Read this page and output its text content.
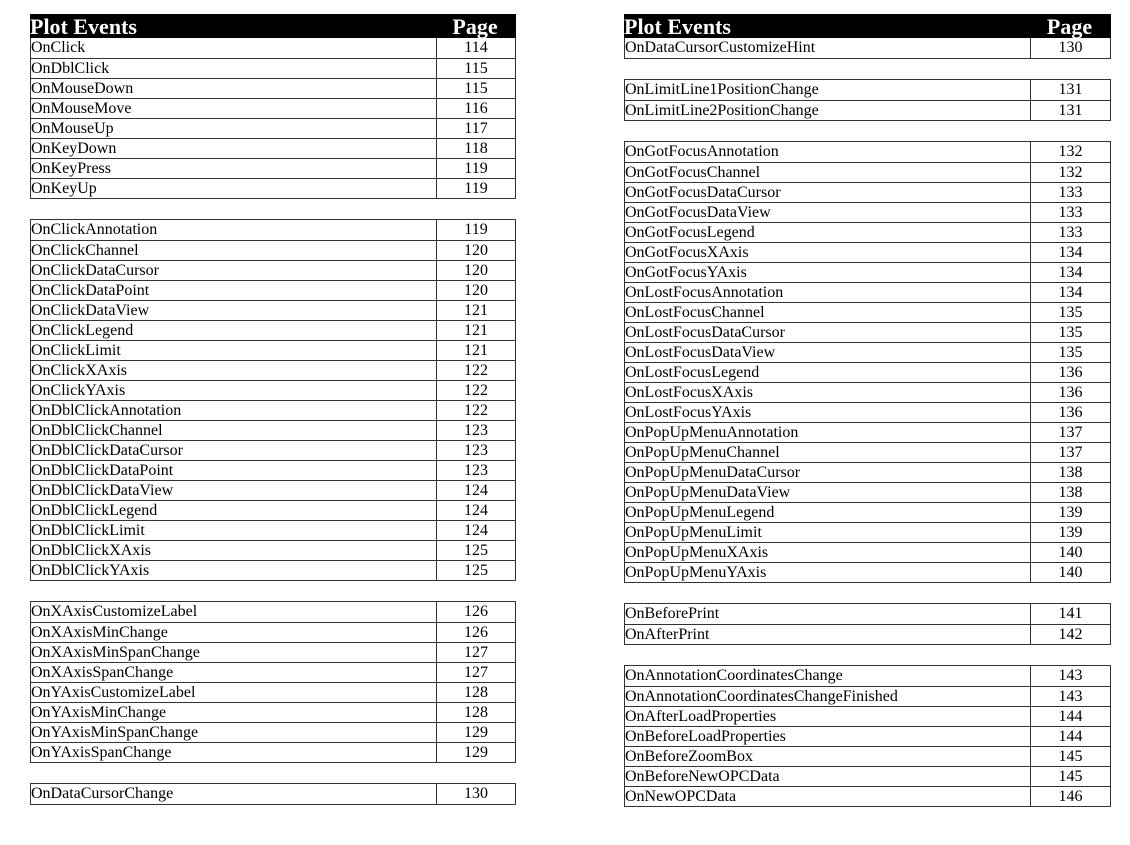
Plot Events	Page
OnClick	114
OnDblClick	115
OnMouseDown	115
OnMouseMove	116
OnMouseUp	117
OnKeyDown	118
OnKeyPress	119
OnKeyUp	119
OnClickAnnotation	119
OnClickChannel	120
OnClickDataCursor	120
OnClickDataPoint	120
OnClickDataView	121
OnClickLegend	121
OnClickLimit	121
OnClickXAxis	122
OnClickYAxis	122
OnDblClickAnnotation	122
OnDblClickChannel	123
OnDblClickDataCursor	123
OnDblClickDataPoint	123
OnDblClickDataView	124
OnDblClickLegend	124
OnDblClickLimit	124
OnDblClickXAxis	125
OnDblClickYAxis	125
OnXAxisCustomizeLabel	126
OnXAxisMinChange	126
OnXAxisMinSpanChange	127
OnXAxisSpanChange	127
OnYAxisCustomizeLabel	128
OnYAxisMinChange	128
OnYAxisMinSpanChange	129
OnYAxisSpanChange	129
OnDataCursorChange	130
Plot Events	Page
OnDataCursorCustomizeHint	130
OnLimitLine1PositionChange	131
OnLimitLine2PositionChange	131
OnGotFocusAnnotation	132
OnGotFocusChannel	132
OnGotFocusDataCursor	133
OnGotFocusDataView	133
OnGotFocusLegend	133
OnGotFocusXAxis	134
OnGotFocusYAxis	134
OnLostFocusAnnotation	134
OnLostFocusChannel	135
OnLostFocusDataCursor	135
OnLostFocusDataView	135
OnLostFocusLegend	136
OnLostFocusXAxis	136
OnLostFocusYAxis	136
OnPopUpMenuAnnotation	137
OnPopUpMenuChannel	137
OnPopUpMenuDataCursor	138
OnPopUpMenuDataView	138
OnPopUpMenuLegend	139
OnPopUpMenuLimit	139
OnPopUpMenuXAxis	140
OnPopUpMenuYAxis	140
OnBeforePrint	141
OnAfterPrint	142
OnAnnotationCoordinatesChange	143
OnAnnotationCoordinatesChangeFinished	143
OnAfterLoadProperties	144
OnBeforeLoadProperties	144
OnBeforeZoomBox	145
OnBeforeNewOPCData	145
OnNewOPCData	146
